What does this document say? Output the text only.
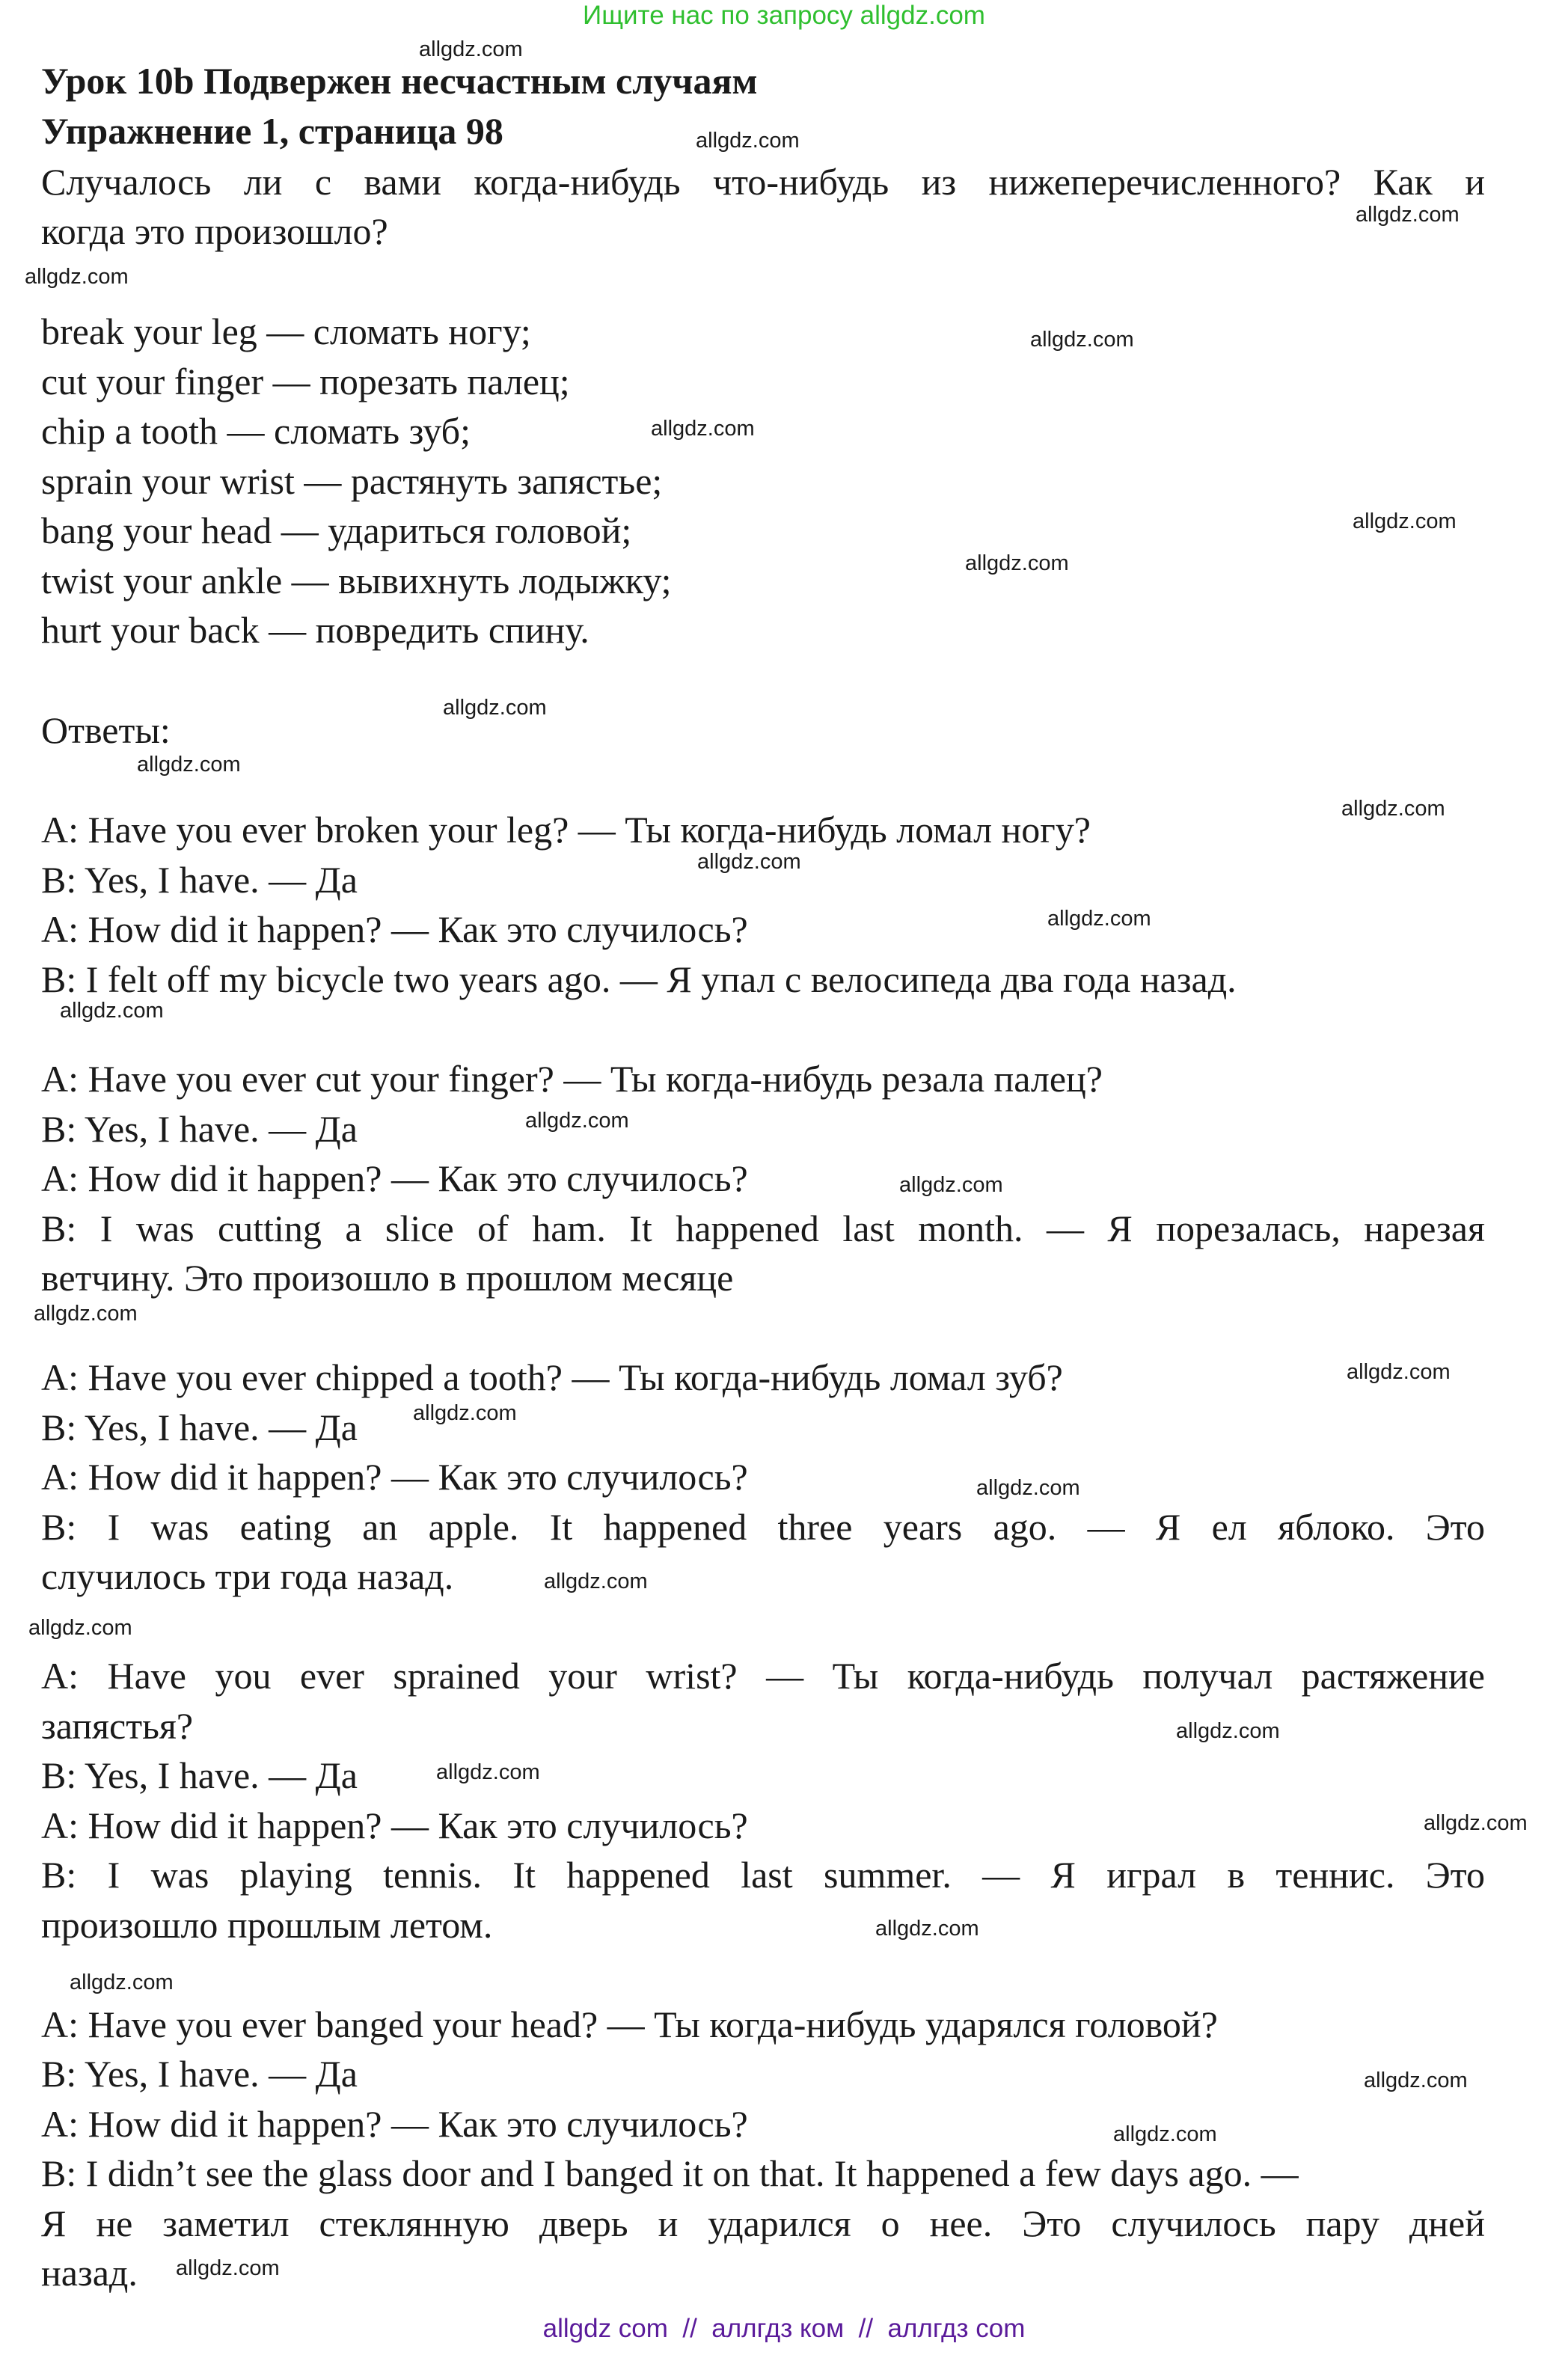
Ищите нас по запросу allgdz.com
Урок 10b Подвержен несчастным случаям
Упражнение 1, страница 98
Случалось ли с вами когда-нибудь что-нибудь из нижеперечисленного? Как и
когда это произошло?
break your leg — сломать ногу;
cut your finger — порезать палец;
chip a tooth — сломать зуб;
sprain your wrist — растянуть запястье;
bang your head — удариться головой;
twist your ankle — вывихнуть лодыжку;
hurt your back — повредить спину.
Ответы:
A: Have you ever broken your leg? — Ты когда-нибудь ломал ногу?
B: Yes, I have. — Да
A: How did it happen? — Как это случилось?
B: I felt off my bicycle two years ago. — Я упал с велосипеда два года назад.
A: Have you ever cut your finger? — Ты когда-нибудь резала палец?
B: Yes, I have. — Да
A: How did it happen? — Как это случилось?
B: I was cutting a slice of ham. It happened last month. — Я порезалась, нарезая
ветчину. Это произошло в прошлом месяце
A: Have you ever chipped a tooth? — Ты когда-нибудь ломал зуб?
B: Yes, I have. — Да
A: How did it happen? — Как это случилось?
B: I was eating an apple. It happened three years ago. — Я ел яблоко. Это
случилось три года назад.
A: Have you ever sprained your wrist? — Ты когда-нибудь получал растяжение
запястья?
B: Yes, I have. — Да
A: How did it happen? — Как это случилось?
B: I was playing tennis. It happened last summer. — Я играл в теннис. Это
произошло прошлым летом.
A: Have you ever banged your head? — Ты когда-нибудь ударялся головой?
B: Yes, I have. — Да
A: How did it happen? — Как это случилось?
B: I didn’t see the glass door and I banged it on that. It happened a few days ago. —
Я не заметил стеклянную дверь и ударился о нее. Это случилось пару дней
назад.
allgdz.com
allgdz.com
allgdz.com
allgdz.com
allgdz.com
allgdz.com
allgdz.com
allgdz.com
allgdz.com
allgdz.com
allgdz.com
allgdz.com
allgdz.com
allgdz.com
allgdz.com
allgdz.com
allgdz.com
allgdz.com
allgdz.com
allgdz.com
allgdz.com
allgdz.com
allgdz.com
allgdz.com
allgdz.com
allgdz.com
allgdz.com
allgdz.com
allgdz.com
allgdz.com
allgdz com  //  аллгдз ком  //  аллгдз com
